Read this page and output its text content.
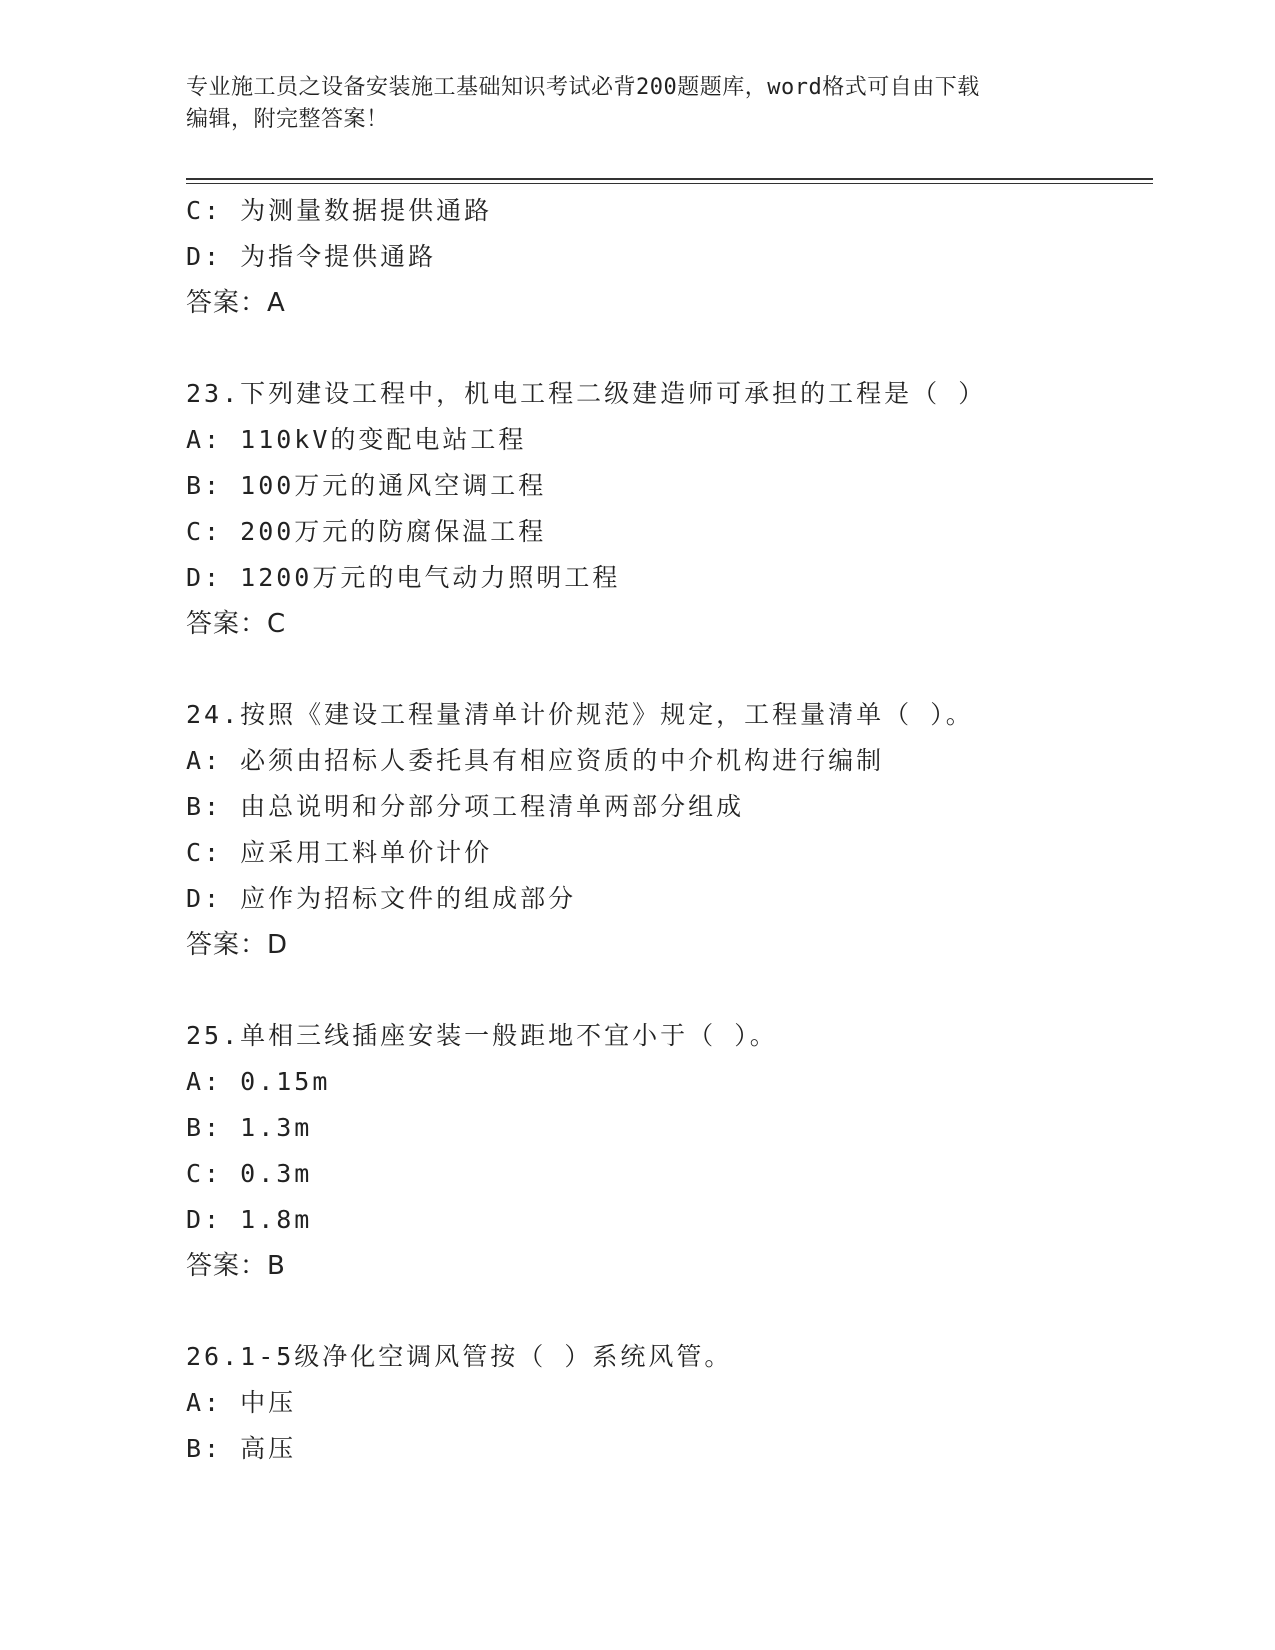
专业施工员之设备安装施工基础知识考试必背200题题库，word格式可自由下载
编辑，附完整答案！
C: 为测量数据提供通路
D: 为指令提供通路
答案：A
23.下列建设工程中，机电工程二级建造师可承担的工程是（ ）
A: 110kV的变配电站工程
B: 100万元的通风空调工程
C: 200万元的防腐保温工程
D: 1200万元的电气动力照明工程
答案：C
24.按照《建设工程量清单计价规范》规定，工程量清单（ ）。
A: 必须由招标人委托具有相应资质的中介机构进行编制
B: 由总说明和分部分项工程清单两部分组成
C: 应采用工料单价计价
D: 应作为招标文件的组成部分
答案：D
25.单相三线插座安装一般距地不宜小于（ ）。
A: 0.15m
B: 1.3m
C: 0.3m
D: 1.8m
答案：B
26.1-5级净化空调风管按（ ）系统风管。
A: 中压
B: 高压
